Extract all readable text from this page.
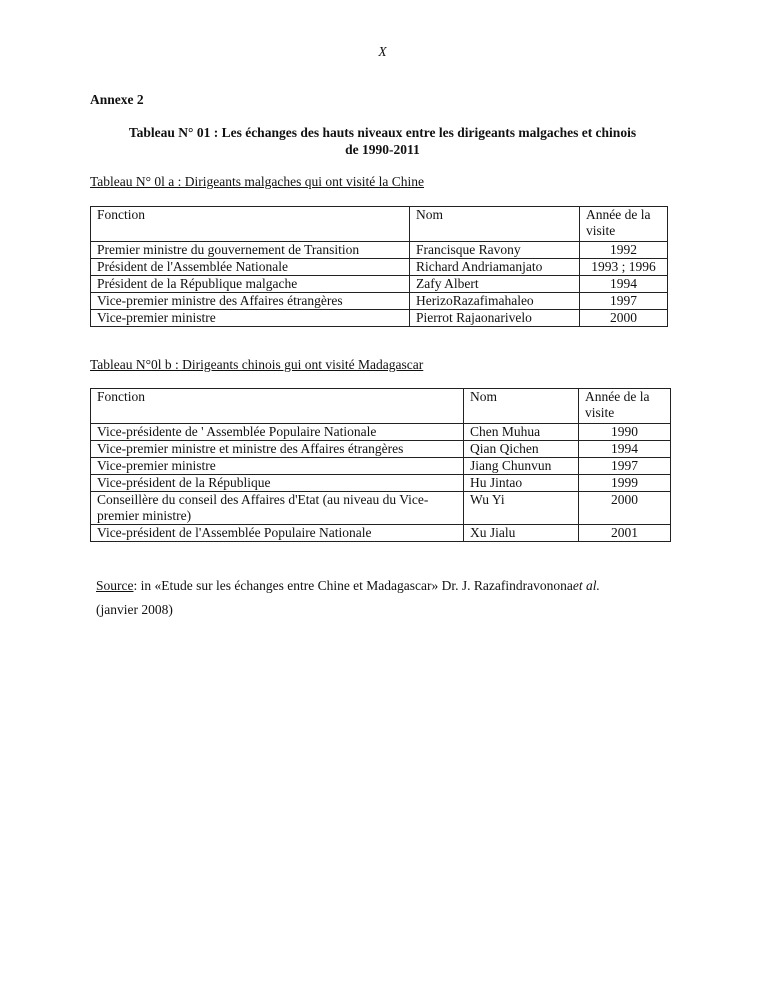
X
Annexe 2
Tableau N° 01 : Les échanges des hauts niveaux entre les dirigeants malgaches et chinois
de 1990-2011
Tableau N° 0l a : Dirigeants malgaches qui ont visité la Chine
Fonction	Nom	Année de la visite
Premier ministre du gouvernement de Transition	Francisque Ravony	1992
Président de l'Assemblée Nationale	Richard Andriamanjato	1993 ; 1996
Président de la République malgache	Zafy Albert	1994
Vice-premier ministre des Affaires étrangères	HerizoRazafimahaleo	1997
Vice-premier ministre	Pierrot Rajaonarivelo	2000
Tableau N°0l b : Dirigeants chinois gui ont visité Madagascar
Fonction	Nom	Année de la visite
Vice-présidente de ' Assemblée Populaire Nationale	Chen Muhua	1990
Vice-premier ministre et ministre des Affaires étrangères	Qian Qichen	1994
Vice-premier ministre	Jiang Chunvun	1997
Vice-président de la République	Hu Jintao	1999
Conseillère du conseil des Affaires d'Etat (au niveau du Vice-premier ministre)	Wu Yi	2000
Vice-président de l'Assemblée Populaire Nationale	Xu Jialu	2001
Source: in «Etude sur les échanges entre Chine et Madagascar» Dr. J. Razafindravononaet al.
(janvier 2008)
